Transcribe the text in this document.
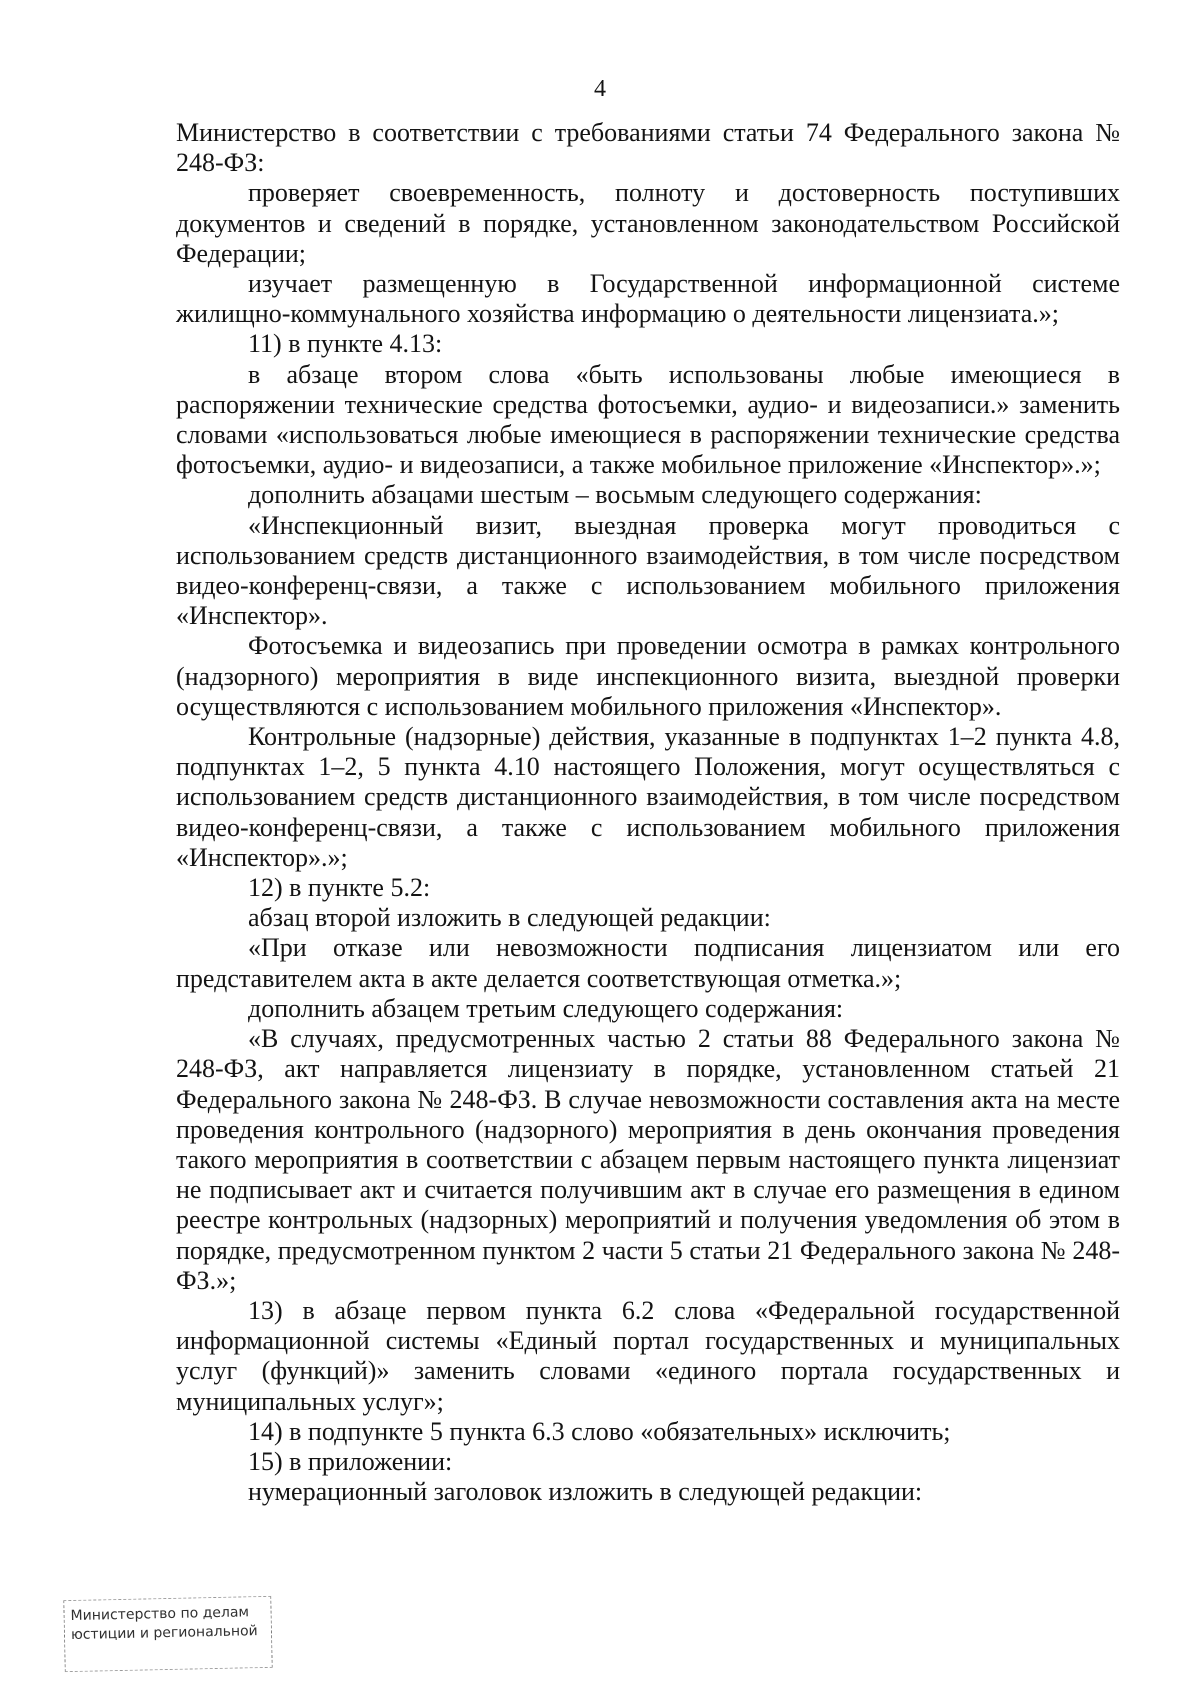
4

Министерство в соответствии с требованиями статьи 74 Федерального закона № 248-ФЗ:

проверяет своевременность, полноту и достоверность поступивших документов и сведений в порядке, установленном законодательством Российской Федерации;

изучает размещенную в Государственной информационной системе жилищно-коммунального хозяйства информацию о деятельности лицензиата.»;

11) в пункте 4.13:

в абзаце втором слова «быть использованы любые имеющиеся в распоряжении технические средства фотосъемки, аудио- и видеозаписи.» заменить словами «использоваться любые имеющиеся в распоряжении технические средства фотосъемки, аудио- и видеозаписи, а также мобильное приложение «Инспектор».»;

дополнить абзацами шестым – восьмым следующего содержания:

«Инспекционный визит, выездная проверка могут проводиться с использованием средств дистанционного взаимодействия, в том числе посредством видео-конференц-связи, а также с использованием мобильного приложения «Инспектор».

Фотосъемка и видеозапись при проведении осмотра в рамках контрольного (надзорного) мероприятия в виде инспекционного визита, выездной проверки осуществляются с использованием мобильного приложения «Инспектор».

Контрольные (надзорные) действия, указанные в подпунктах 1–2 пункта 4.8, подпунктах 1–2, 5 пункта 4.10 настоящего Положения, могут осуществляться с использованием средств дистанционного взаимодействия, в том числе посредством видео-конференц-связи, а также с использованием мобильного приложения «Инспектор».»;

12) в пункте 5.2:

абзац второй изложить в следующей редакции:

«При отказе или невозможности подписания лицензиатом или его представителем акта в акте делается соответствующая отметка.»;

дополнить абзацем третьим следующего содержания:

«В случаях, предусмотренных частью 2 статьи 88 Федерального закона № 248-ФЗ, акт направляется лицензиату в порядке, установленном статьей 21 Федерального закона № 248-ФЗ. В случае невозможности составления акта на месте проведения контрольного (надзорного) мероприятия в день окончания проведения такого мероприятия в соответствии с абзацем первым настоящего пункта лицензиат не подписывает акт и считается получившим акт в случае его размещения в едином реестре контрольных (надзорных) мероприятий и получения уведомления об этом в порядке, предусмотренном пунктом 2 части 5 статьи 21 Федерального закона № 248-ФЗ.»;

13) в абзаце первом пункта 6.2 слова «Федеральной государственной информационной системы «Единый портал государственных и муниципальных услуг (функций)» заменить словами «единого портала государственных и муниципальных услуг»;

14) в подпункте 5 пункта 6.3 слово «обязательных» исключить;

15) в приложении:

нумерационный заголовок изложить в следующей редакции:

Министерство по делам
юстиции и региональной
